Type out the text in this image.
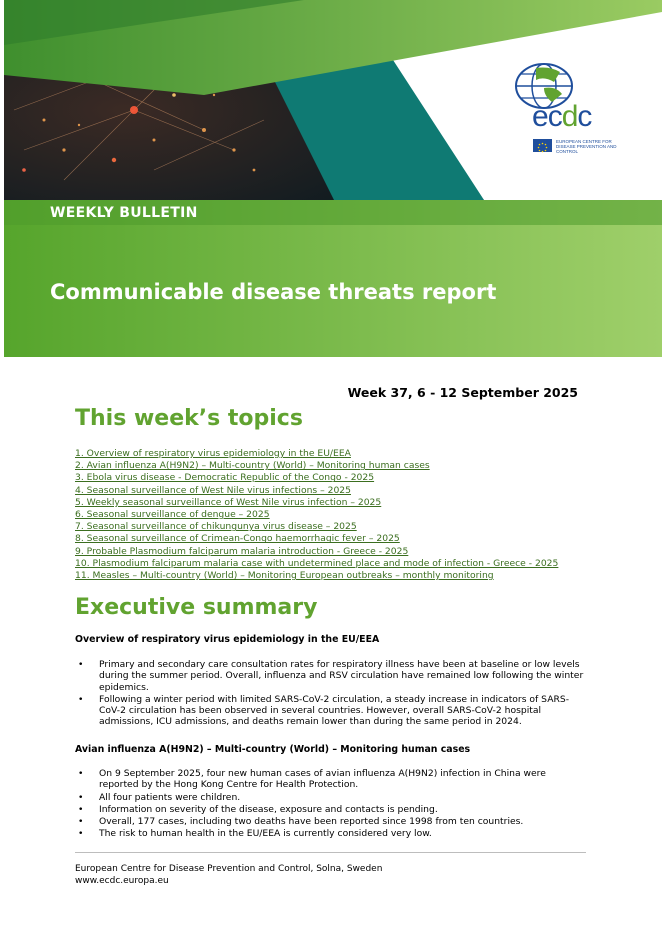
WEEKLY BULLETIN
Communicable disease threats report
ecdc
EUROPEAN CENTRE FOR DISEASE PREVENTION AND CONTROL
Week 37, 6 - 12 September 2025
This week’s topics
1. Overview of respiratory virus epidemiology in the EU/EEA
2. Avian influenza A(H9N2) – Multi-country (World) – Monitoring human cases
3. Ebola virus disease - Democratic Republic of the Congo - 2025
4. Seasonal surveillance of West Nile virus infections – 2025
5. Weekly seasonal surveillance of West Nile virus infection – 2025
6. Seasonal surveillance of dengue – 2025
7. Seasonal surveillance of chikungunya virus disease – 2025
8. Seasonal surveillance of Crimean-Congo haemorrhagic fever – 2025
9. Probable Plasmodium falciparum malaria introduction - Greece - 2025
10. Plasmodium falciparum malaria case with undetermined place and mode of infection - Greece - 2025
11. Measles – Multi-country (World) – Monitoring European outbreaks – monthly monitoring
Executive summary

Overview of respiratory virus epidemiology in the EU/EEA

• Primary and secondary care consultation rates for respiratory illness have been at baseline or low levels during the summer period. Overall, influenza and RSV circulation have remained low following the winter epidemics.
• Following a winter period with limited SARS-CoV-2 circulation, a steady increase in indicators of SARS-CoV-2 circulation has been observed in several countries. However, overall SARS-CoV-2 hospital admissions, ICU admissions, and deaths remain lower than during the same period in 2024.

Avian influenza A(H9N2) – Multi-country (World) – Monitoring human cases

• On 9 September 2025, four new human cases of avian influenza A(H9N2) infection in China were reported by the Hong Kong Centre for Health Protection.
• All four patients were children.
• Information on severity of the disease, exposure and contacts is pending.
• Overall, 177 cases, including two deaths have been reported since 1998 from ten countries.
• The risk to human health in the EU/EEA is currently considered very low.
European Centre for Disease Prevention and Control, Solna, Sweden
www.ecdc.europa.eu
